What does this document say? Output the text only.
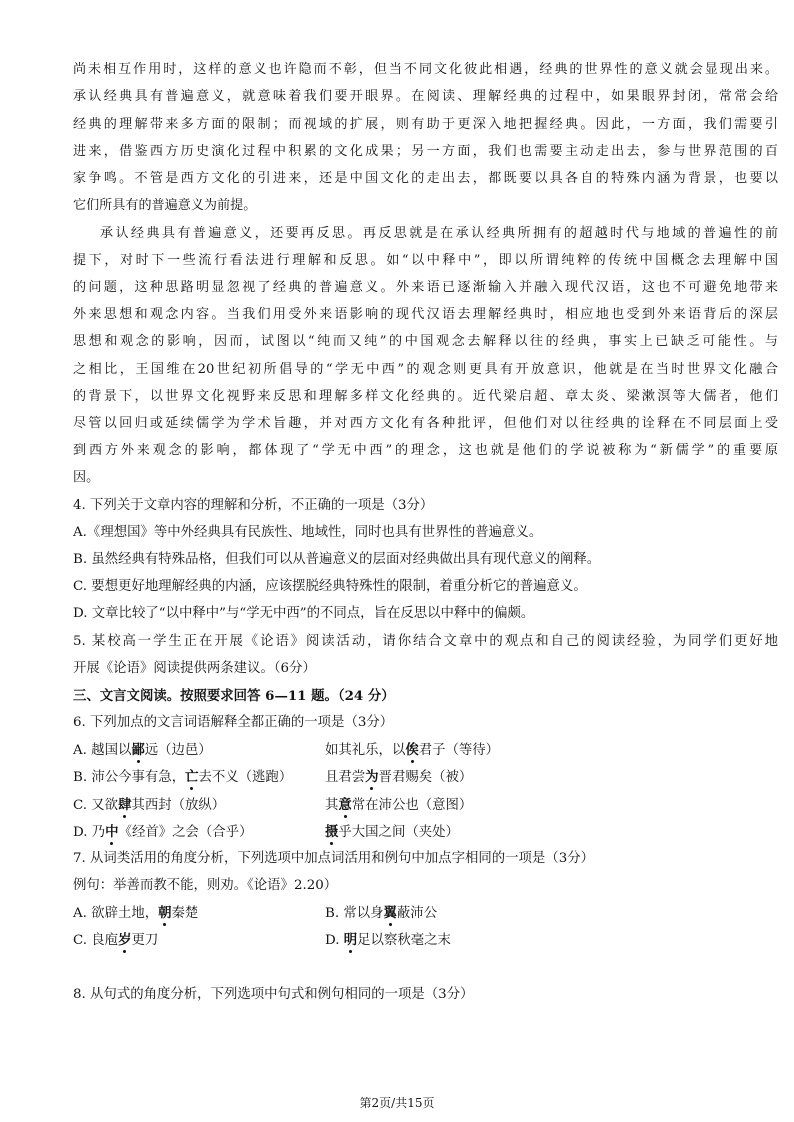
尚未相互作用时，这样的意义也许隐而不彰，但当不同文化彼此相遇，经典的世界性的意义就会显现出来。
承认经典具有普遍意义，就意味着我们要开眼界。在阅读、理解经典的过程中，如果眼界封闭，常常会给
经典的理解带来多方面的限制；而视域的扩展，则有助于更深入地把握经典。因此，一方面，我们需要引
进来，借鉴西方历史演化过程中积累的文化成果；另一方面，我们也需要主动走出去，参与世界范围的百
家争鸣。不管是西方文化的引进来，还是中国文化的走出去，都既要以具各自的特殊内涵为背景，也要以
它们所具有的普遍意义为前提。
承认经典具有普遍意义，还要再反思。再反思就是在承认经典所拥有的超越时代与地域的普遍性的前
提下，对时下一些流行看法进行理解和反思。如“以中释中”，即以所谓纯粹的传统中国概念去理解中国
的问题，这种思路明显忽视了经典的普遍意义。外来语已逐渐输入并融入现代汉语，这也不可避免地带来
外来思想和观念内容。当我们用受外来语影响的现代汉语去理解经典时，相应地也受到外来语背后的深层
思想和观念的影响，因而，试图以“纯而又纯”的中国观念去解释以往的经典，事实上已缺乏可能性。与
之相比，王国维在20世纪初所倡导的“学无中西”的观念则更具有开放意识，他就是在当时世界文化融合
的背景下，以世界文化视野来反思和理解多样文化经典的。近代梁启超、章太炎、梁漱溟等大儒者，他们
尽管以回归或延续儒学为学术旨趣，并对西方文化有各种批评，但他们对以往经典的诠释在不同层面上受
到西方外来观念的影响，都体现了“学无中西”的理念，这也就是他们的学说被称为“新儒学”的重要原
因。
4. 下列关于文章内容的理解和分析，不正确的一项是（3分）
A.《理想国》等中外经典具有民族性、地域性，同时也具有世界性的普遍意义。
B. 虽然经典有特殊品格，但我们可以从普遍意义的层面对经典做出具有现代意义的阐释。
C. 要想更好地理解经典的内涵，应该摆脱经典特殊性的限制，着重分析它的普遍意义。
D. 文章比较了“以中释中”与“学无中西”的不同点，旨在反思以中释中的偏颇。
5. 某校高一学生正在开展《论语》阅读活动，请你结合文章中的观点和自己的阅读经验，为同学们更好地
开展《论语》阅读提供两条建议。（6分）
三、文言文阅读。按照要求回答 6—11 题。（24 分）
6. 下列加点的文言词语解释全都正确的一项是（3分）
A. 越国以鄙远（边邑）	如其礼乐，以俟君子（等待）
B. 沛公今事有急，亡去不义（逃跑） 且君尝为晋君赐矣（被）
C. 又欲肆其西封（放纵）	其意常在沛公也（意图）
D. 乃中《经首》之会（合乎）	摄乎大国之间（夹处）
7. 从词类活用的角度分析，下列选项中加点词活用和例句中加点字相同的一项是（3分）
例句：举善而教不能，则劝。《论语》2.20）
A. 欲辟土地，朝秦楚	B. 常以身翼蔽沛公
C. 良庖岁更刀	D. 明足以察秋毫之末
8. 从句式的角度分析，下列选项中句式和例句相同的一项是（3分）
第2页/共15页
